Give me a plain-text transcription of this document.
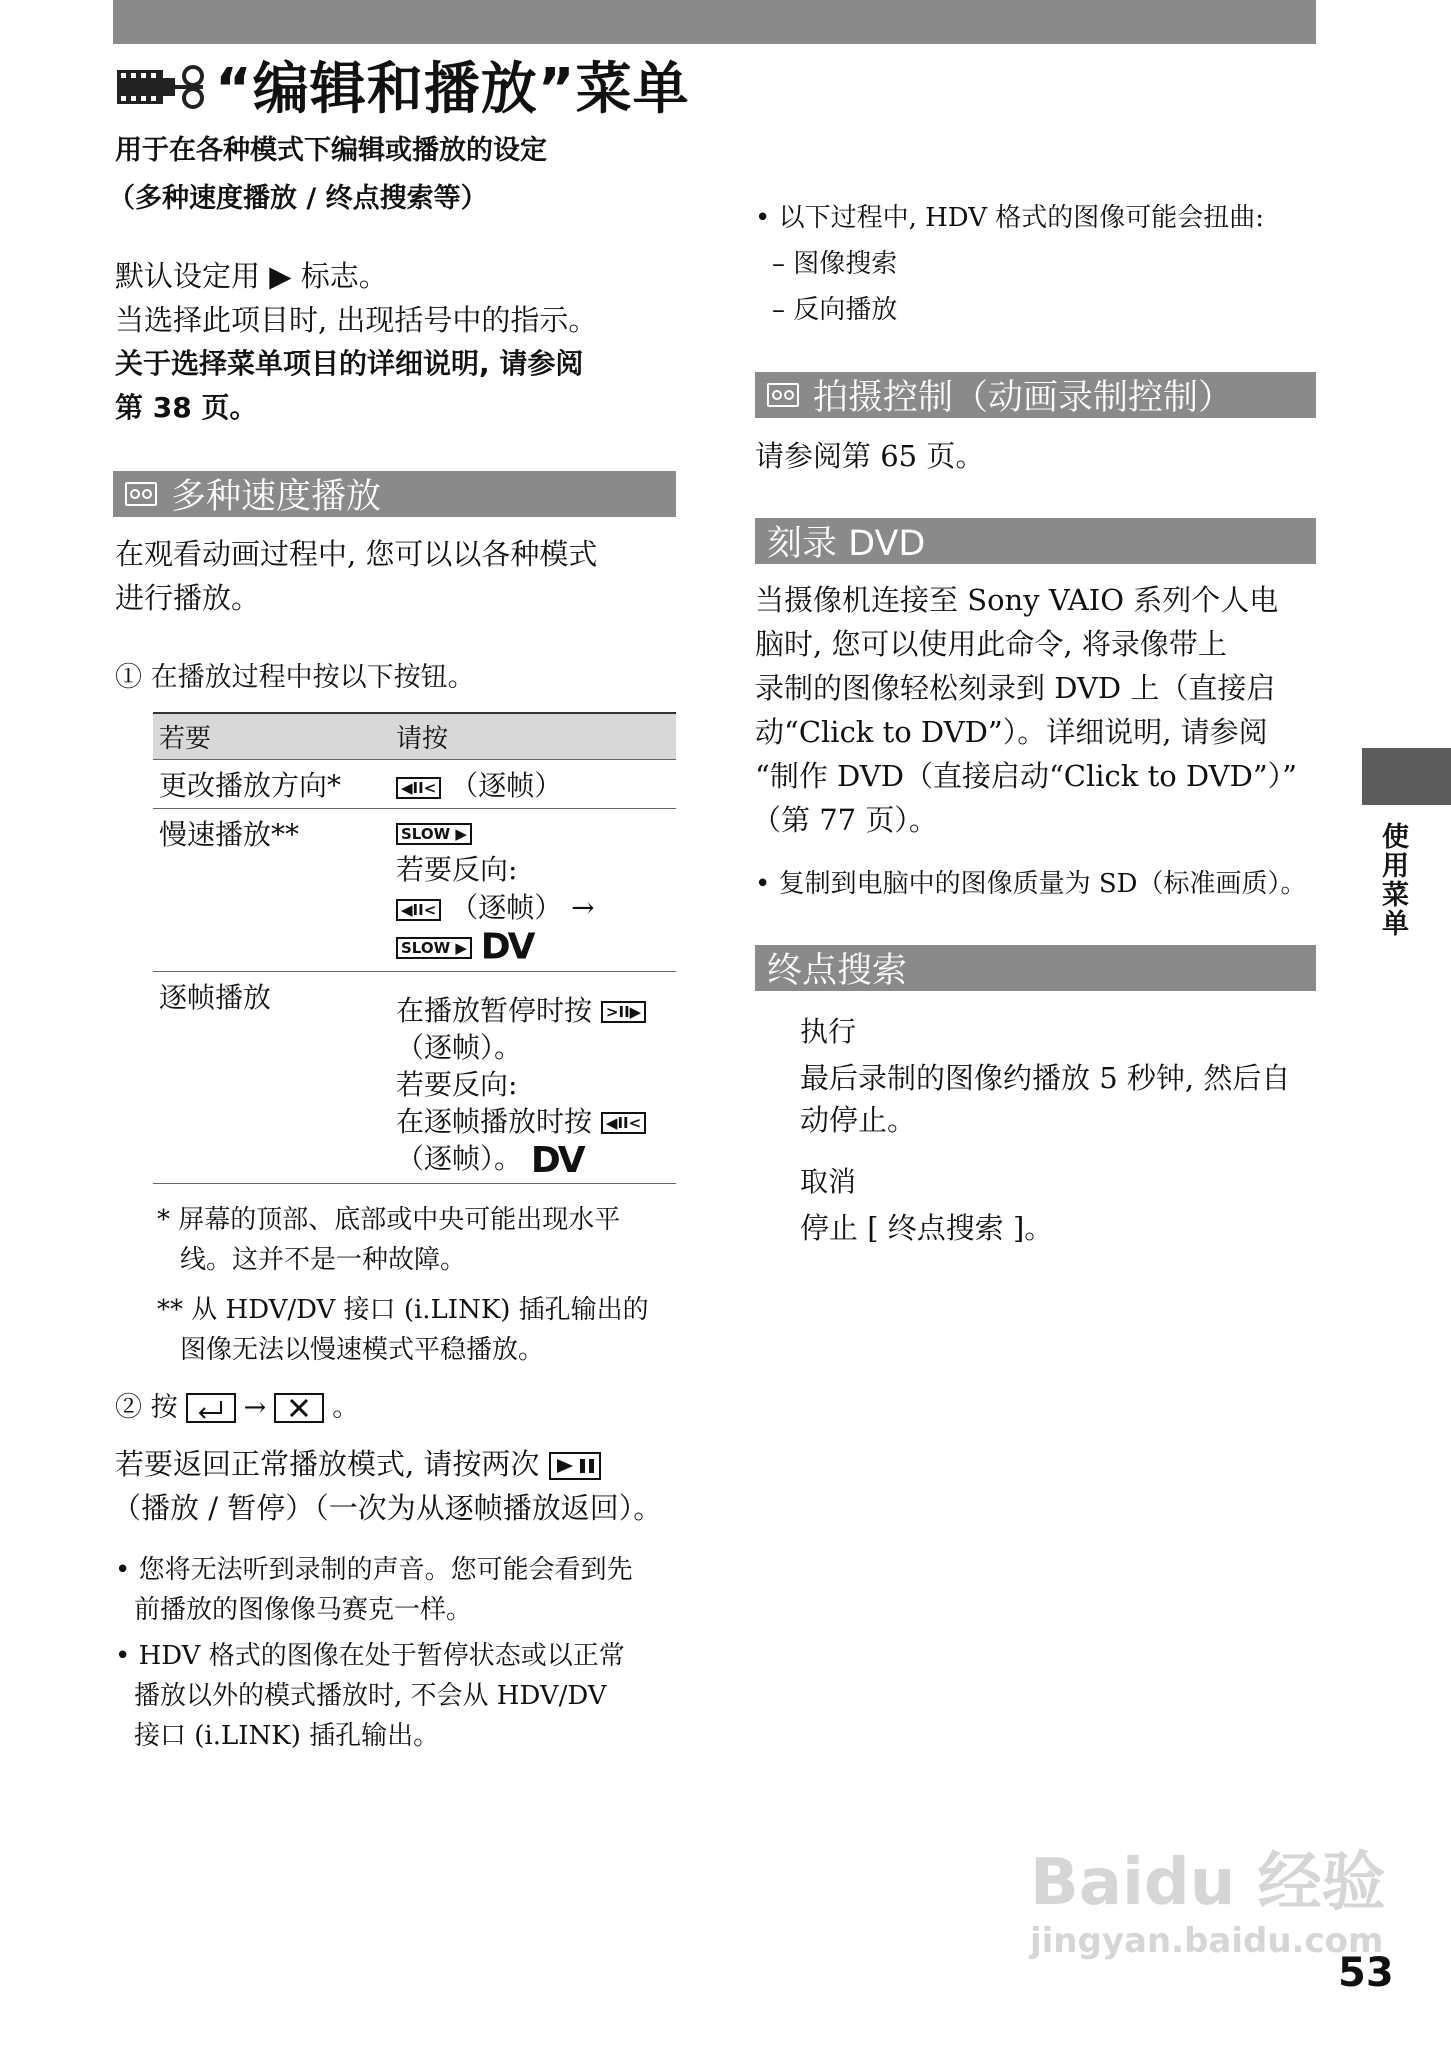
“编辑和播放”菜单
用于在各种模式下编辑或播放的设定
（多种速度播放 / 终点搜索等）
默认设定用 ▶ 标志。
当选择此项目时, 出现括号中的指示。
关于选择菜单项目的详细说明, 请参阅
第 38 页。
多种速度播放
在观看动画过程中, 您可以以各种模式
进行播放。
① 在播放过程中按以下按钮。
若要	请按
更改播放方向*	◀II< （逐帧）
慢速播放**	SLOW ▶
若要反向:
◀II< （逐帧） →
SLOW ▶ DV
逐帧播放	在播放暂停时按 >II▶
（逐帧）。
若要反向:
在逐帧播放时按 ◀II<
（逐帧）。 DV
* 屏幕的顶部、底部或中央可能出现水平
线。这并不是一种故障。
** 从 HDV/DV 接口 (i.LINK) 插孔输出的
图像无法以慢速模式平稳播放。
② 按 → 。
若要返回正常播放模式, 请按两次
（播放 / 暂停）（一次为从逐帧播放返回）。
• 您将无法听到录制的声音。您可能会看到先
前播放的图像像马赛克一样。
• HDV 格式的图像在处于暂停状态或以正常
播放以外的模式播放时, 不会从 HDV/DV
接口 (i.LINK) 插孔输出。
• 以下过程中, HDV 格式的图像可能会扭曲:
– 图像搜索
– 反向播放
拍摄控制（动画录制控制）
请参阅第 65 页。
刻录 DVD
当摄像机连接至 Sony VAIO 系列个人电
脑时, 您可以使用此命令, 将录像带上
录制的图像轻松刻录到 DVD 上（直接启
动“Click to DVD”）。详细说明, 请参阅
“制作 DVD（直接启动“Click to DVD”）”
（第 77 页）。
• 复制到电脑中的图像质量为 SD（标准画质）。
终点搜索
执行
最后录制的图像约播放 5 秒钟, 然后自
动停止。
取消
停止 [ 终点搜索 ]。
使用菜单
Baidu 经验
jingyan.baidu.com
53
